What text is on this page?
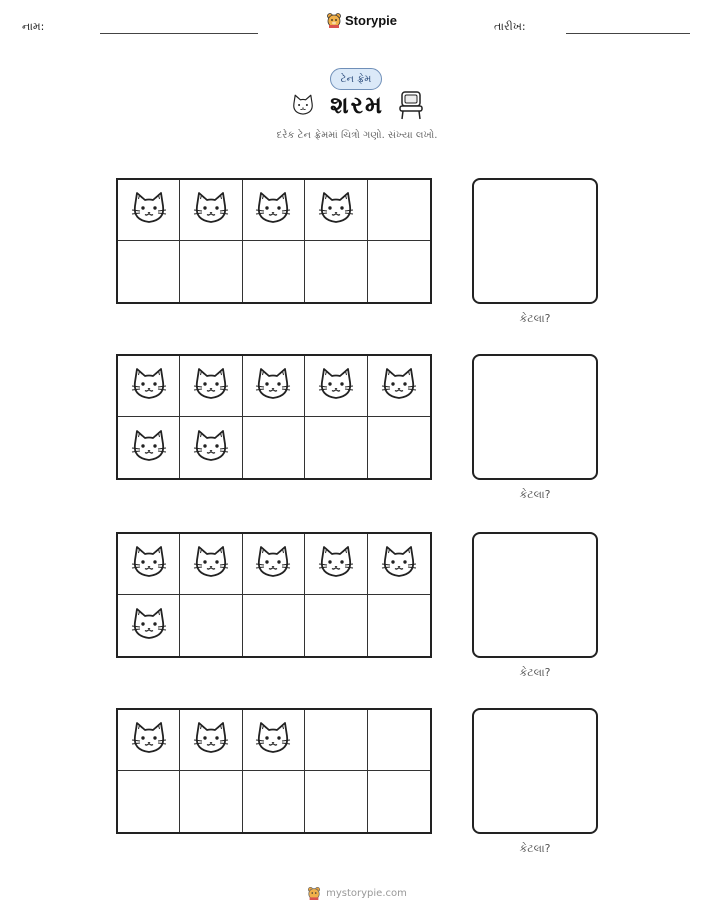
નામ:	Storypie	તારીખ:
ટેન ફ્રેમ
શરમ
દરેક ટેન ફ્રેમમાં ચિત્રો ગણો. સંખ્યા લખો.
કેટલા?
કેટલા?
કેટલા?
કેટલા?
mystorypie.com
